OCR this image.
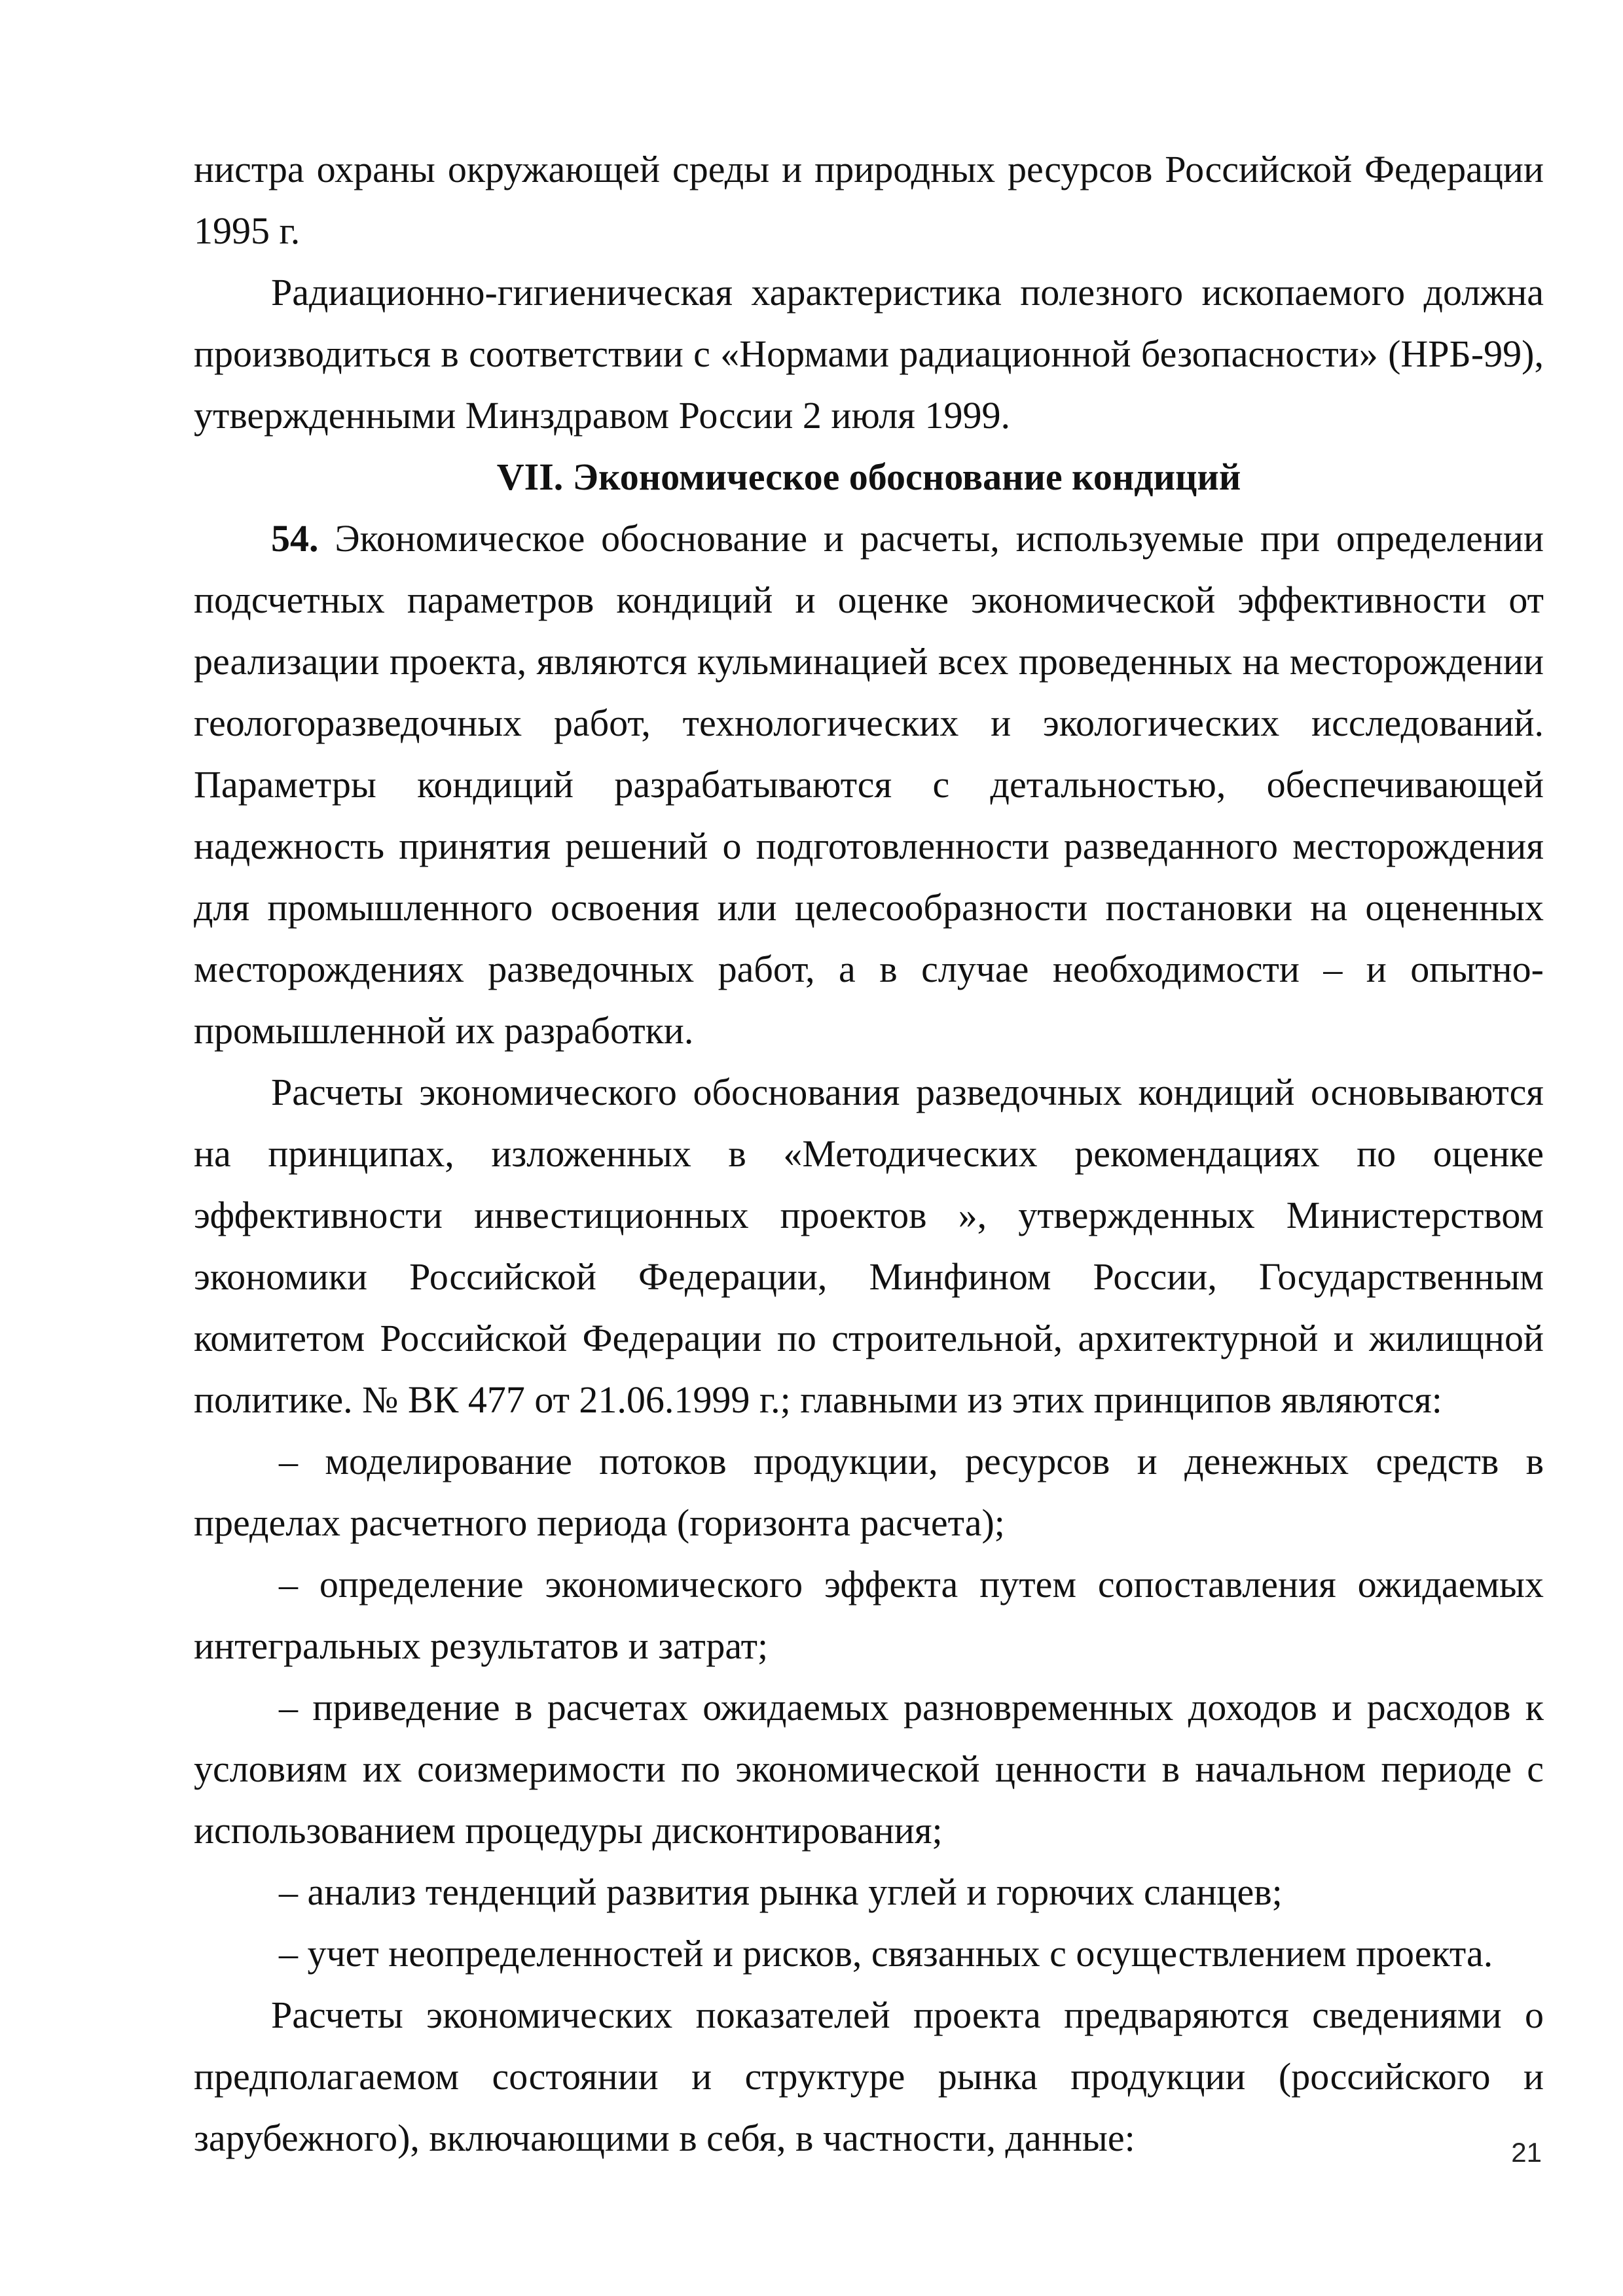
нистра охраны окружающей среды и природных ресурсов Российской Федерации 1995 г.

Радиационно-гигиеническая характеристика полезного ископаемого должна производиться в соответствии с «Нормами радиационной безопасности» (НРБ-99), утвержденными Минздравом России 2 июля 1999.

VII. Экономическое обоснование кондиций

54. Экономическое обоснование и расчеты, используемые при определении подсчетных параметров кондиций и оценке экономической эффективности от реализации проекта, являются кульминацией всех проведенных на месторождении геологоразведочных работ, технологических и экологических исследований. Параметры кондиций разрабатываются с детальностью, обеспечивающей надежность принятия решений о подготовленности разведанного месторождения для промышленного освоения или целесообразности постановки на оцененных месторождениях разведочных работ, а в случае необходимости – и опытно-промышленной их разработки.

Расчеты экономического обоснования разведочных кондиций основываются на принципах, изложенных в «Методических рекомендациях по оценке эффективности инвестиционных проектов », утвержденных Министерством экономики Российской Федерации, Минфином России, Государственным комитетом Российской Федерации по строительной, архитектурной и жилищной политике. № ВК 477 от 21.06.1999 г.; главными из этих принципов являются:

– моделирование потоков продукции, ресурсов и денежных средств в пределах расчетного периода (горизонта расчета);

– определение экономического эффекта путем сопоставления ожидаемых интегральных результатов и затрат;

– приведение в расчетах ожидаемых разновременных доходов и расходов к условиям их соизмеримости по экономической ценности в начальном периоде с использованием процедуры дисконтирования;

– анализ тенденций развития рынка углей и горючих сланцев;

– учет неопределенностей и рисков, связанных с осуществлением проекта.

Расчеты экономических показателей проекта предваряются сведениями о предполагаемом состоянии и структуре рынка продукции (российского и зарубежного), включающими в себя, в частности, данные:	21
